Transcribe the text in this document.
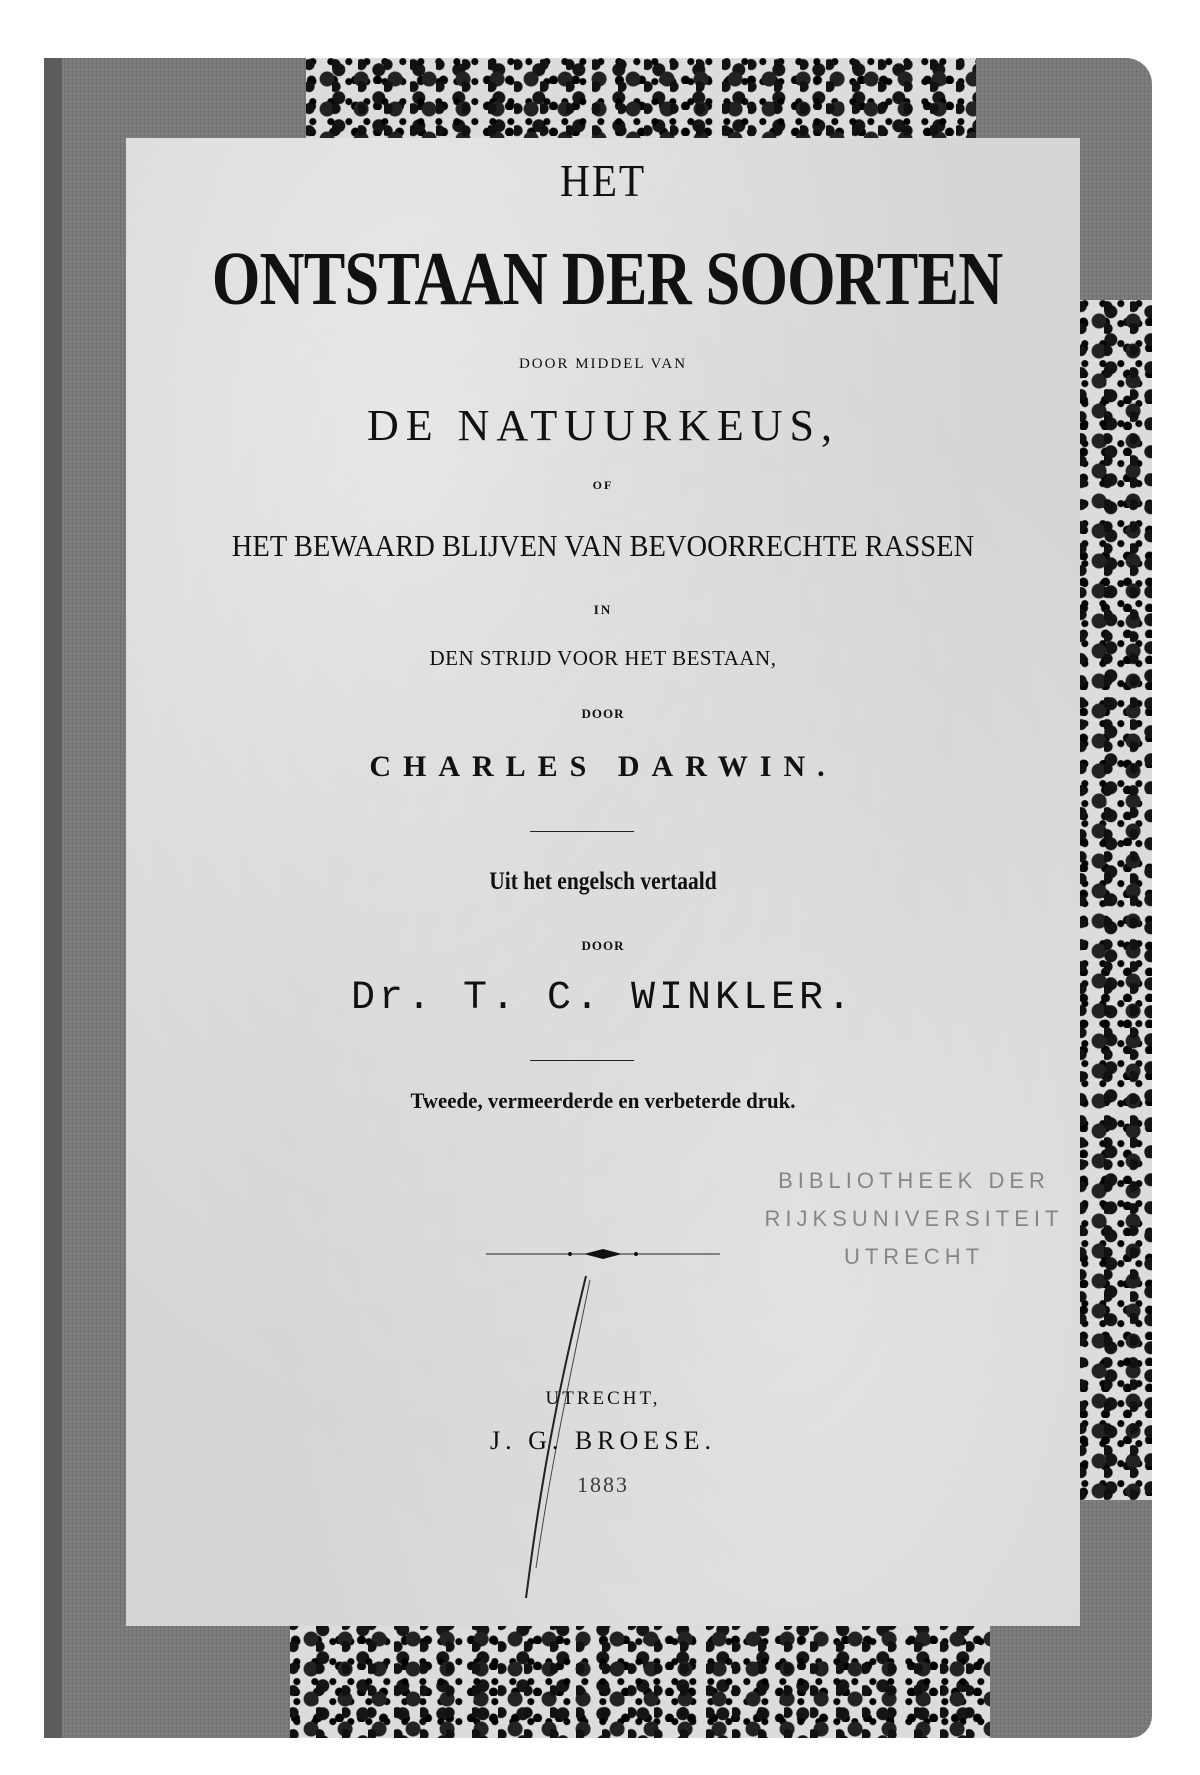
HET
ONTSTAAN DER SOORTEN
DOOR MIDDEL VAN
DE NATUURKEUS,
OF
HET BEWAARD BLIJVEN VAN BEVOORRECHTE RASSEN
IN
DEN STRIJD VOOR HET BESTAAN,
DOOR
CHARLES DARWIN.
Uit het engelsch vertaald
DOOR
Dr. T. C. WINKLER.
Tweede, vermeerderde en verbeterde druk.
UTRECHT,
J. G. BROESE.
1883
BIBLIOTHEEK DER
RIJKSUNIVERSITEIT
UTRECHT
